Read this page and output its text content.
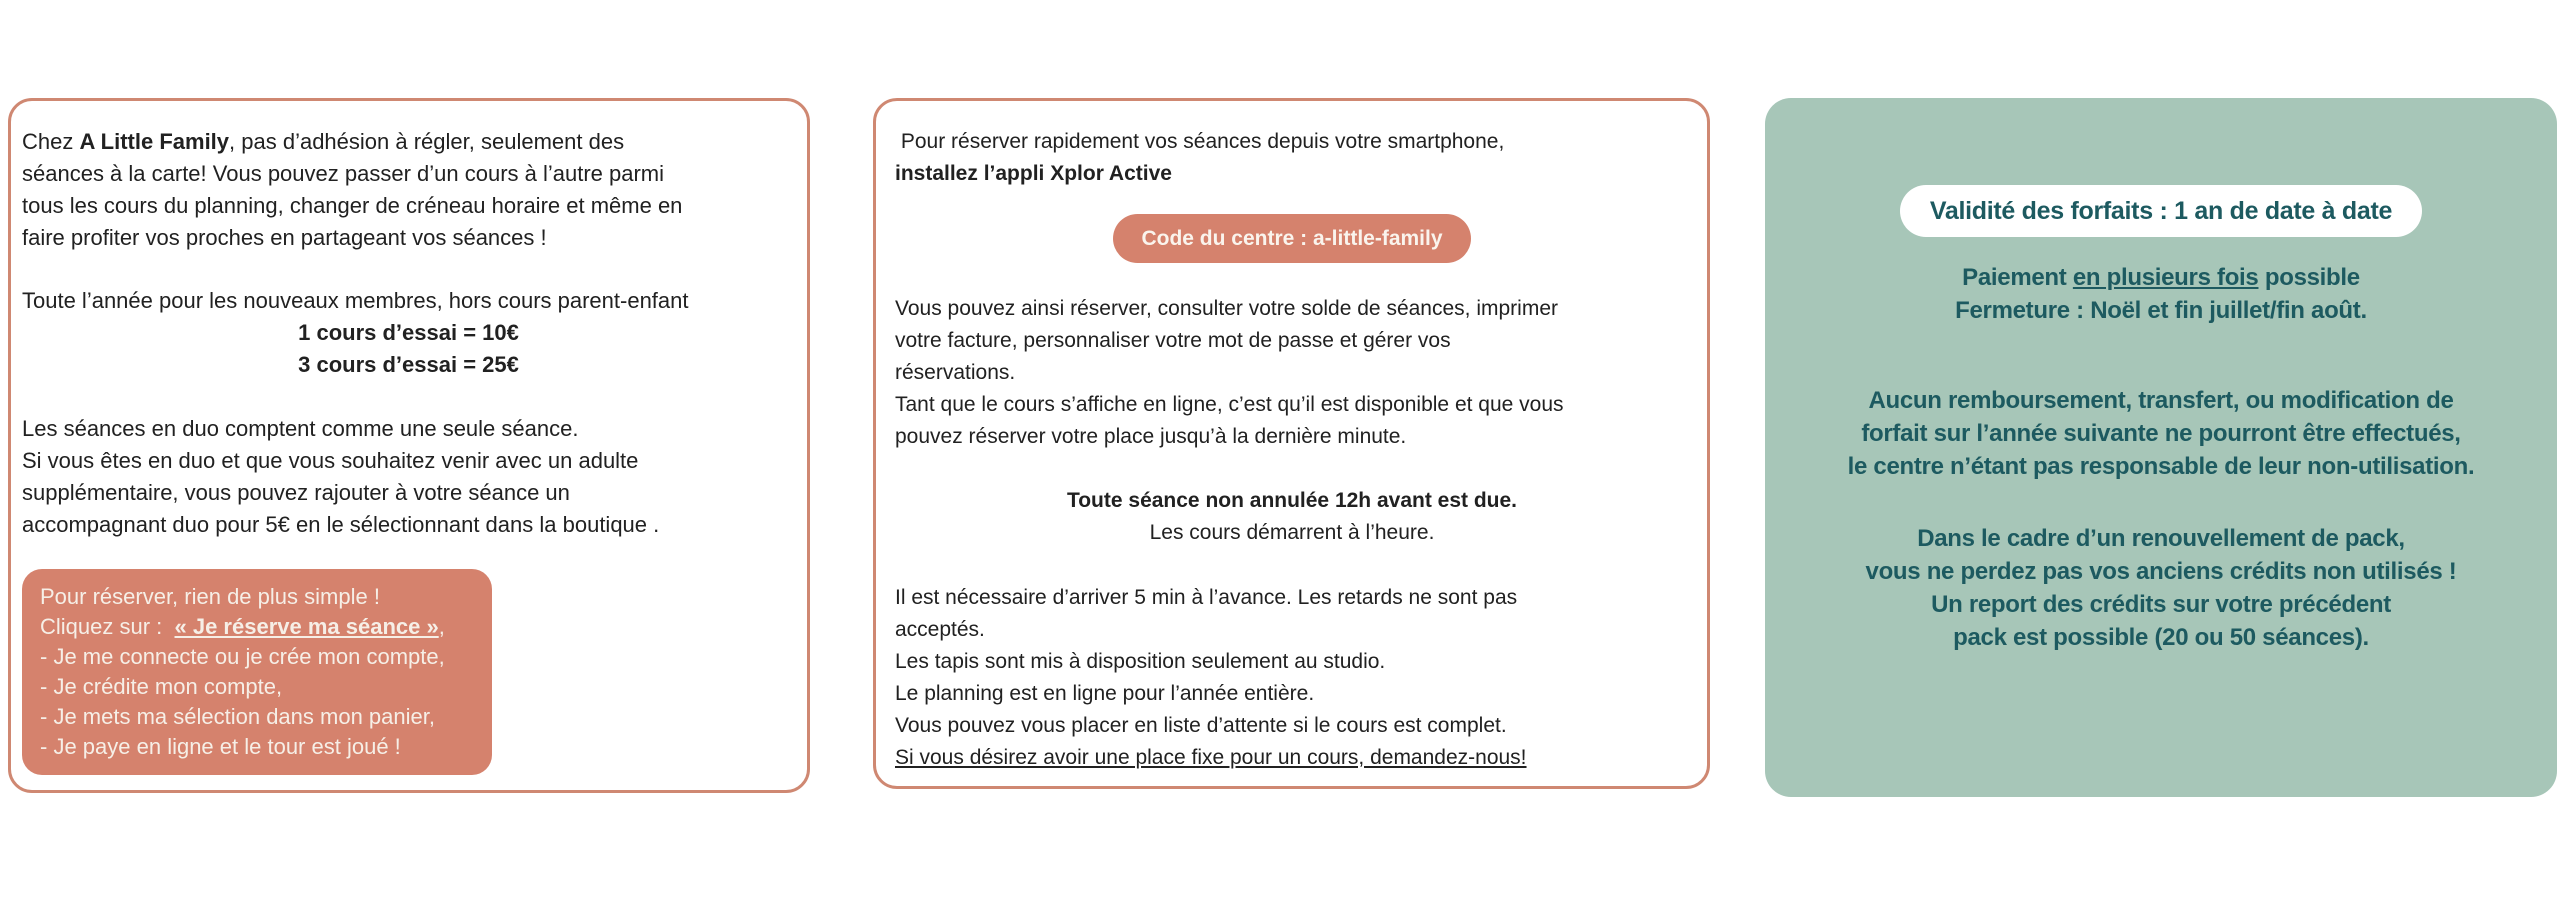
Chez A Little Family, pas d’adhésion à régler, seulement des

séances à la carte! Vous pouvez passer d’un cours à l’autre parmi
tous les cours du planning, changer de créneau horaire et même en
faire profiter vos proches en partageant vos séances !

Toute l’année pour les nouveaux membres, hors cours parent-enfant

1 cours d’essai = 10€
3 cours d’essai = 25€
Les séances en duo comptent comme une seule séance.
Si vous êtes en duo et que vous souhaitez venir avec un adulte
supplémentaire, vous pouvez rajouter à votre séance un
accompagnant duo pour 5€ en le sélectionnant dans la boutique .

Pour réserver, rien de plus simple !

Cliquez sur :  « Je réserve ma séance »,

- Je me connecte ou je crée mon compte,
- Je crédite mon compte,
- Je mets ma sélection dans mon panier,
- Je paye en ligne et le tour est joué !

Pour réserver rapidement vos séances depuis votre smartphone,

installez l’appli Xplor Active

Code du centre : a-little-family
Vous pouvez ainsi réserver, consulter votre solde de séances, imprimer
votre facture, personnaliser votre mot de passe et gérer vos
réservations.
Tant que le cours s’affiche en ligne, c’est qu’il est disponible et que vous
pouvez réserver votre place jusqu’à la dernière minute.

Toute séance non annulée 12h avant est due.

Les cours démarrent à l’heure.

Il est nécessaire d’arriver 5 min à l’avance. Les retards ne sont pas
acceptés.
Les tapis sont mis à disposition seulement au studio.
Le planning est en ligne pour l’année entière.
Vous pouvez vous placer en liste d’attente si le cours est complet.

Si vous désirez avoir une place fixe pour un cours, demandez-nous!

Validité des forfaits : 1 an de date à date

Paiement en plusieurs fois possible

Fermeture : Noël et fin juillet/fin août.

Aucun remboursement, transfert, ou modification de
forfait sur l’année suivante ne pourront être effectués,
le centre n’étant pas responsable de leur non-utilisation.
Dans le cadre d’un renouvellement de pack,
vous ne perdez pas vos anciens crédits non utilisés !
Un report des crédits sur votre précédent
pack est possible (20 ou 50 séances).
